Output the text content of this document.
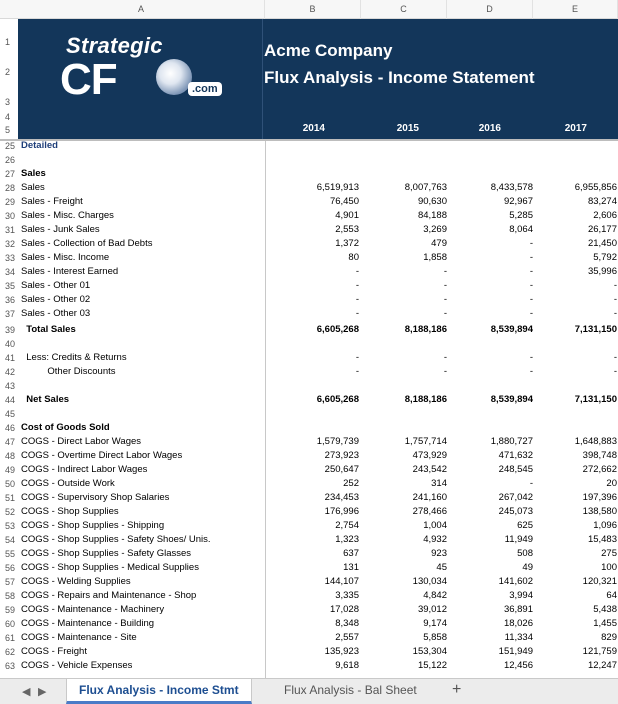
A	B	C	D	E
1
2
3
4
5
Strategic
CF	.com
Acme Company
Flux Analysis - Income Statement
2014	2015	2016	2017
25 Detailed
26
27 Sales
28 Sales	6,519,913	8,007,763	8,433,578	6,955,856
29 Sales - Freight	76,450	90,630	92,967	83,274
30 Sales - Misc. Charges	4,901	84,188	5,285	2,606
31 Sales - Junk Sales	2,553	3,269	8,064	26,177
32 Sales - Collection of Bad Debts	1,372	479	-	21,450
33 Sales - Misc. Income	80	1,858	-	5,792
34 Sales - Interest Earned	-	-	-	35,996
35 Sales - Other 01	-	-	-	-
36 Sales - Other 02	-	-	-	-
37 Sales - Other 03	-	-	-	-
39 Total Sales	6,605,268	8,188,186	8,539,894	7,131,150
40
41 Less: Credits & Returns	-	-	-	-
42 Other Discounts	-	-	-	-
43
44 Net Sales	6,605,268	8,188,186	8,539,894	7,131,150
45
46 Cost of Goods Sold
47 COGS - Direct Labor Wages	1,579,739	1,757,714	1,880,727	1,648,883
48 COGS - Overtime Direct Labor Wages	273,923	473,929	471,632	398,748
49 COGS - Indirect Labor Wages	250,647	243,542	248,545	272,662
50 COGS - Outside Work	252	314	-	20
51 COGS - Supervisory Shop Salaries	234,453	241,160	267,042	197,396
52 COGS - Shop Supplies	176,996	278,466	245,073	138,580
53 COGS - Shop Supplies - Shipping	2,754	1,004	625	1,096
54 COGS - Shop Supplies - Safety Shoes/ Unis.	1,323	4,932	11,949	15,483
55 COGS - Shop Supplies - Safety Glasses	637	923	508	275
56 COGS - Shop Supplies - Medical Supplies	131	45	49	100
57 COGS - Welding Supplies	144,107	130,034	141,602	120,321
58 COGS - Repairs and Maintenance - Shop	3,335	4,842	3,994	64
59 COGS - Maintenance - Machinery	17,028	39,012	36,891	5,438
60 COGS - Maintenance - Building	8,348	9,174	18,026	1,455
61 COGS - Maintenance - Site	2,557	5,858	11,334	829
62 COGS - Freight	135,923	153,304	151,949	121,759
63 COGS - Vehicle Expenses	9,618	15,122	12,456	12,247
◀ ▶	Flux Analysis - Income Stmt	Flux Analysis - Bal Sheet	+
